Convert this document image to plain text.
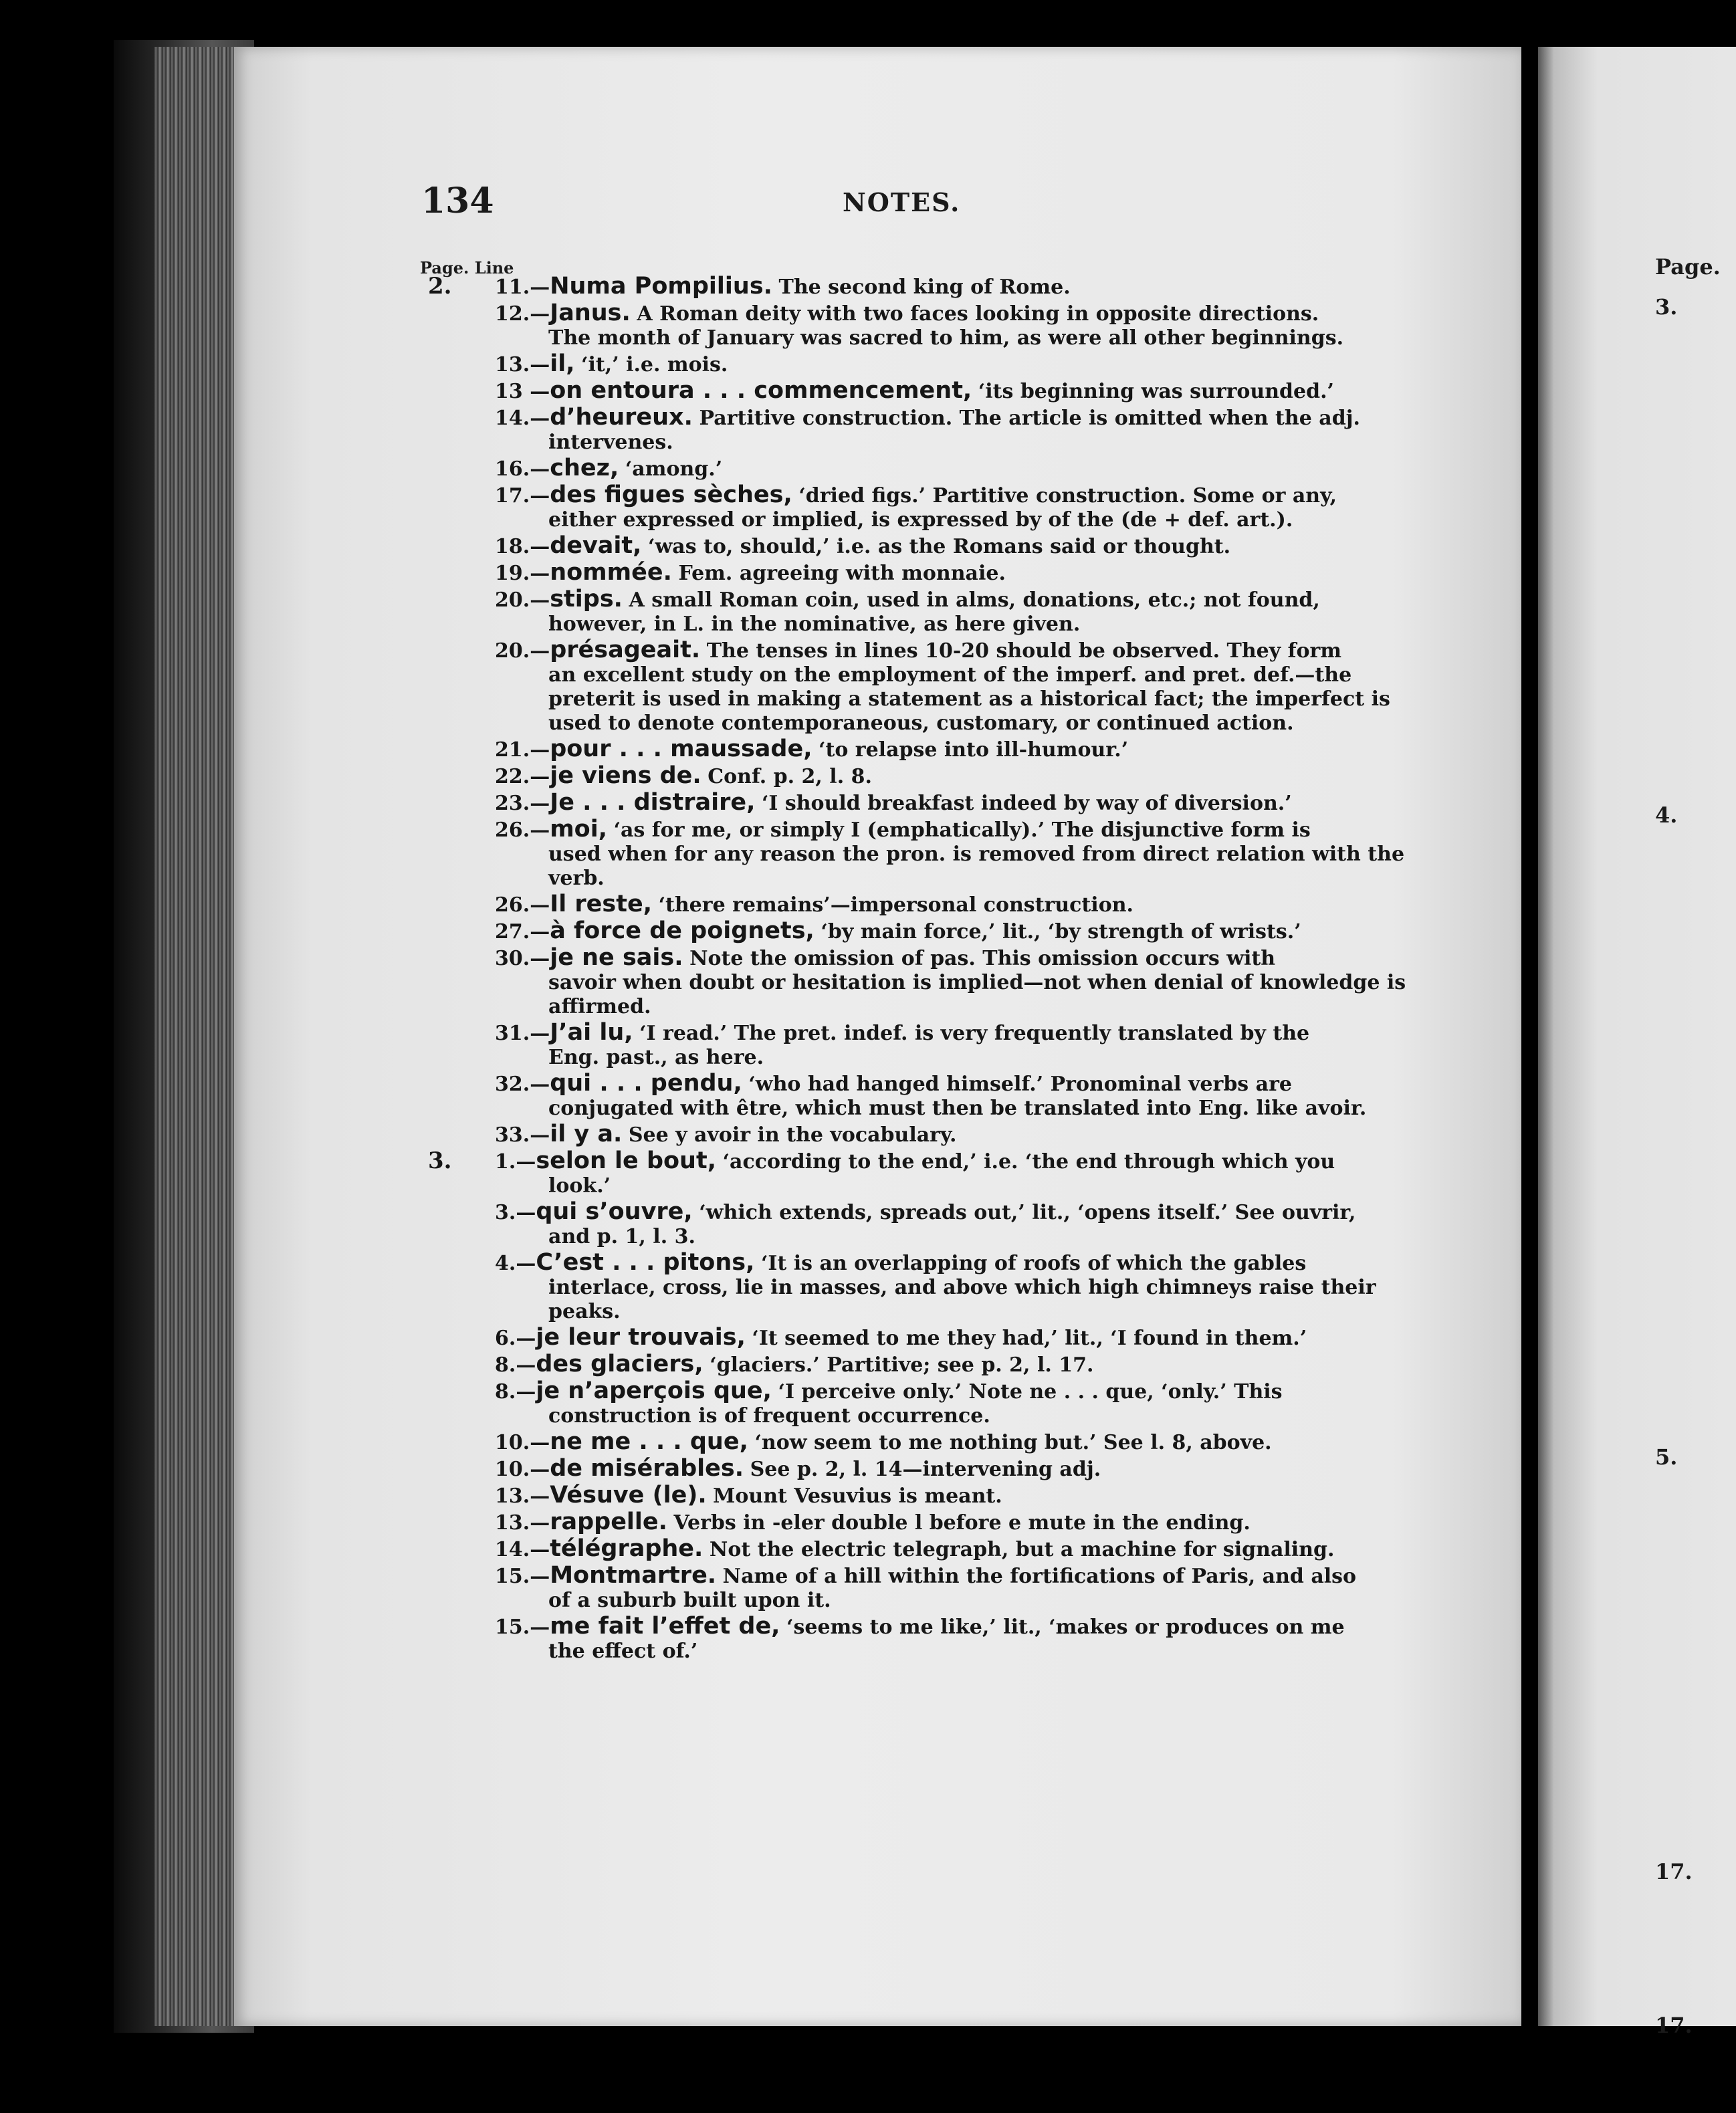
134	NOTES.
Page. Line
2.	11.—Numa Pompilius. The second king of Rome.
12.—Janus. A Roman deity with two faces looking in opposite directions.
The month of January was sacred to him, as were all other beginnings.
13.—il, ‘it,’ i.e. mois.
13 —on entoura . . . commencement, ‘its beginning was surrounded.’
14.—d’heureux. Partitive construction. The article is omitted when the adj.
intervenes.
16.—chez, ‘among.’
17.—des figues sèches, ‘dried figs.’ Partitive construction. Some or any,
either expressed or implied, is expressed by of the (de + def. art.).
18.—devait, ‘was to, should,’ i.e. as the Romans said or thought.
19.—nommée. Fem. agreeing with monnaie.
20.—stips. A small Roman coin, used in alms, donations, etc.; not found,
however, in L. in the nominative, as here given.
20.—présageait. The tenses in lines 10-20 should be observed. They form
an excellent study on the employment of the imperf. and pret. def.—the preterit is used in making a statement as a historical fact; the imperfect is used to denote contemporaneous, customary, or continued action.
21.—pour . . . maussade, ‘to relapse into ill-humour.’
22.—je viens de. Conf. p. 2, l. 8.
23.—Je . . . distraire, ‘I should breakfast indeed by way of diversion.’
26.—moi, ‘as for me, or simply I (emphatically).’ The disjunctive form is
used when for any reason the pron. is removed from direct relation with the verb.
26.—Il reste, ‘there remains’—impersonal construction.
27.—à force de poignets, ‘by main force,’ lit., ‘by strength of wrists.’
30.—je ne sais. Note the omission of pas. This omission occurs with
savoir when doubt or hesitation is implied—not when denial of knowledge is affirmed.
31.—J’ai lu, ‘I read.’ The pret. indef. is very frequently translated by the
Eng. past., as here.
32.—qui . . . pendu, ‘who had hanged himself.’ Pronominal verbs are
conjugated with être, which must then be translated into Eng. like avoir.
33.—il y a. See y avoir in the vocabulary.
3.	1.—selon le bout, ‘according to the end,’ i.e. ‘the end through which you
look.’
3.—qui s’ouvre, ‘which extends, spreads out,’ lit., ‘opens itself.’ See ouvrir,
and p. 1, l. 3.
4.—C’est . . . pitons, ‘It is an overlapping of roofs of which the gables
interlace, cross, lie in masses, and above which high chimneys raise their peaks.
6.—je leur trouvais, ‘It seemed to me they had,’ lit., ‘I found in them.’
8.—des glaciers, ‘glaciers.’ Partitive; see p. 2, l. 17.
8.—je n’aperçois que, ‘I perceive only.’ Note ne . . . que, ‘only.’ This
construction is of frequent occurrence.
10.—ne me . . . que, ‘now seem to me nothing but.’ See l. 8, above.
10.—de misérables. See p. 2, l. 14—intervening adj.
13.—Vésuve (le). Mount Vesuvius is meant.
13.—rappelle. Verbs in -eler double l before e mute in the ending.
14.—télégraphe. Not the electric telegraph, but a machine for signaling.
15.—Montmartre. Name of a hill within the fortifications of Paris, and also
of a suburb built upon it.
15.—me fait l’effet de, ‘seems to me like,’ lit., ‘makes or produces on me
the effect of.’
Page.
3.
4.
5.
17.
17.
